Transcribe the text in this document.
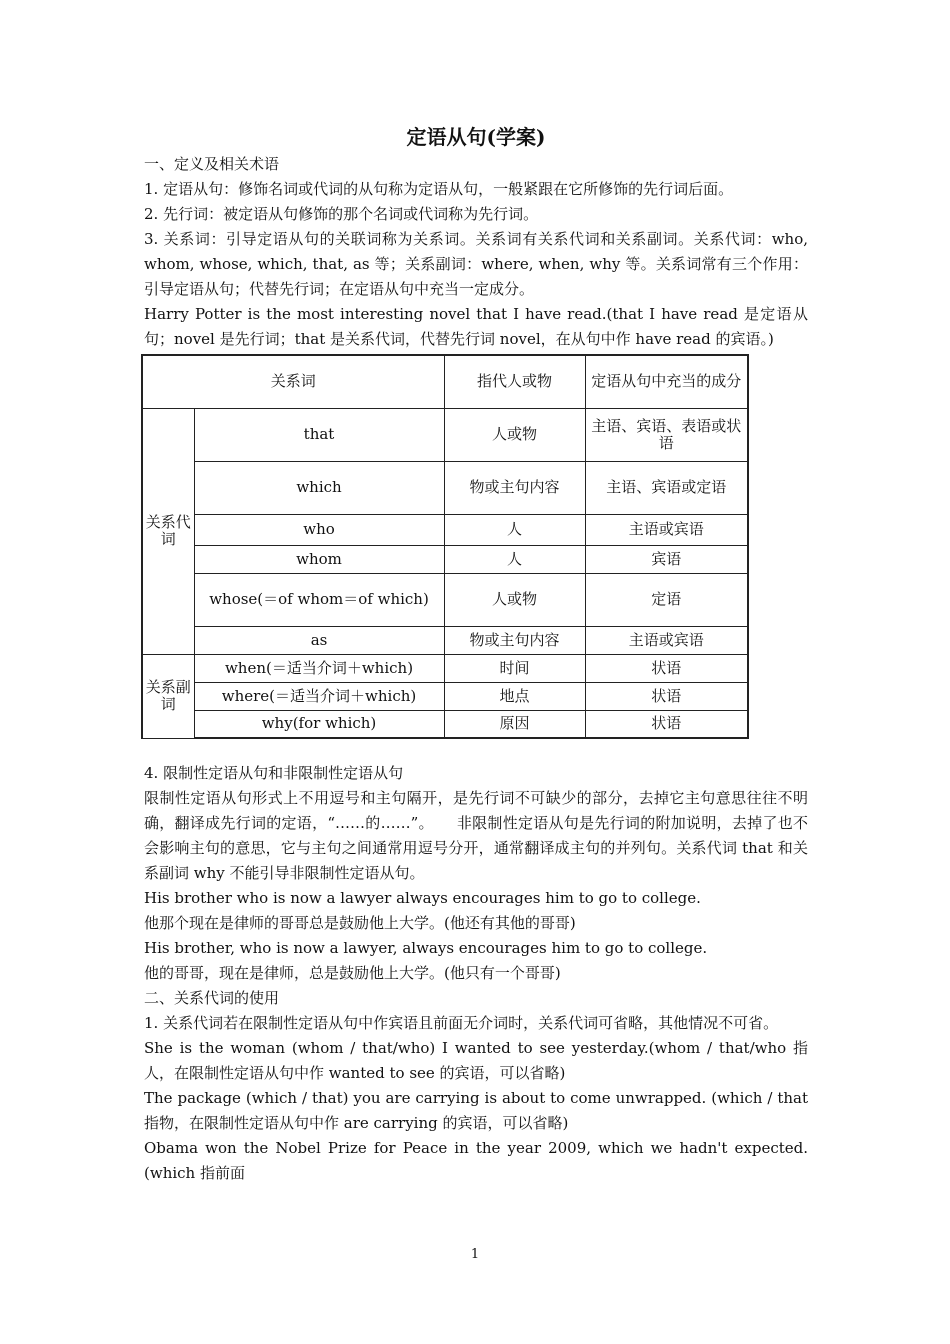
定语从句(学案)

一、定义及相关术语

1. 定语从句：修饰名词或代词的从句称为定语从句，一般紧跟在它所修饰的先行词后面。

2. 先行词：被定语从句修饰的那个名词或代词称为先行词。

3. 关系词：引导定语从句的关联词称为关系词。关系词有关系代词和关系副词。关系代词：who, whom, whose, which, that, as 等；关系副词：where, when, why 等。关系词常有三个作用：引导定语从句；代替先行词；在定语从句中充当一定成分。

Harry Potter is the most interesting novel that I have read.(that I have read 是定语从句；novel 是先行词；that 是关系代词，代替先行词 novel，在从句中作 have read 的宾语。)

关系词		指代人或物	定语从句中充当的成分
关系代词	that	人或物	主语、宾语、表语或状语
	which	物或主句内容	主语、宾语或定语
	who	人	主语或宾语
	whom	人	宾语
	whose(＝of whom＝of which)	人或物	定语
	as	物或主句内容	主语或宾语
关系副词	when(＝适当介词＋which)	时间	状语
	where(＝适当介词＋which)	地点	状语
	why(for which)	原因	状语

4. 限制性定语从句和非限制性定语从句

限制性定语从句形式上不用逗号和主句隔开，是先行词不可缺少的部分，去掉它主句意思往往不明确，翻译成先行词的定语，“……的……”。　　非限制性定语从句是先行词的附加说明，去掉了也不会影响主句的意思，它与主句之间通常用逗号分开，通常翻译成主句的并列句。关系代词 that 和关系副词 why 不能引导非限制性定语从句。

His brother who is now a lawyer always encourages him to go to college.

他那个现在是律师的哥哥总是鼓励他上大学。(他还有其他的哥哥)

His brother, who is now a lawyer, always encourages him to go to college.

他的哥哥，现在是律师，总是鼓励他上大学。(他只有一个哥哥)

二、关系代词的使用

1. 关系代词若在限制性定语从句中作宾语且前面无介词时，关系代词可省略，其他情况不可省。

She is the woman (whom / that/who) I wanted to see yesterday.(whom / that/who 指人，在限制性定语从句中作 wanted to see 的宾语，可以省略)

The package (which / that) you are carrying is about to come unwrapped. (which / that 指物，在限制性定语从句中作 are carrying 的宾语，可以省略)

Obama won the Nobel Prize for Peace in the year 2009, which we hadn't expected.(which 指前面

1
